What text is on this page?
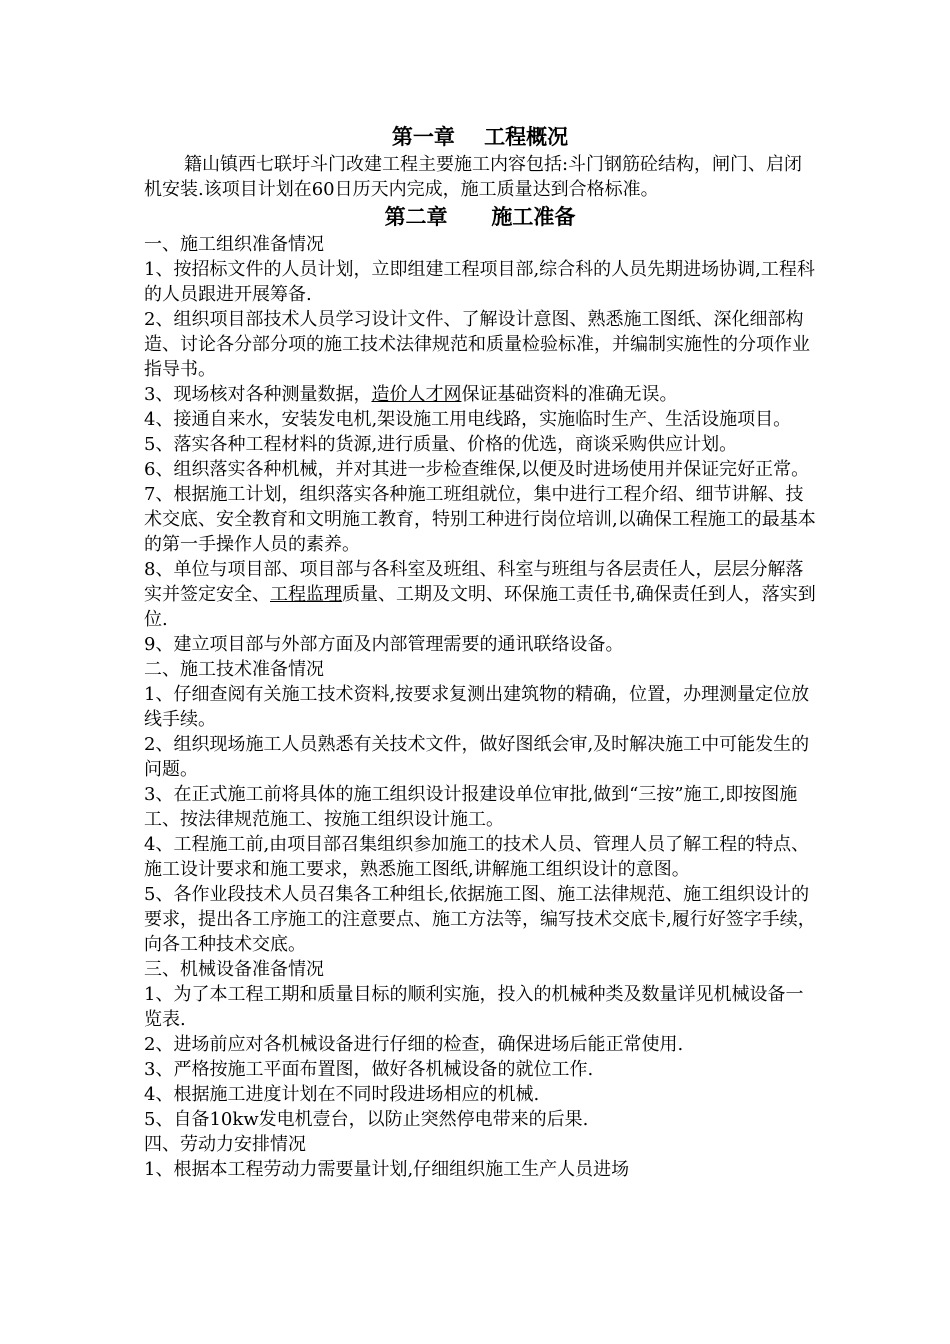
第一章    工程概况

籍山镇西七联圩斗门改建工程主要施工内容包括:斗门钢筋砼结构，闸门、启闭机安装.该项目计划在60日历天内完成，施工质量达到合格标准。

第二章      施工准备

一、施工组织准备情况

1、按招标文件的人员计划，立即组建工程项目部,综合科的人员先期进场协调,工程科的人员跟进开展筹备.

2、组织项目部技术人员学习设计文件、了解设计意图、熟悉施工图纸、深化细部构造、讨论各分部分项的施工技术法律规范和质量检验标准，并编制实施性的分项作业指导书。

3、现场核对各种测量数据，造价人才网保证基础资料的准确无误。

4、接通自来水，安装发电机,架设施工用电线路，实施临时生产、生活设施项目。

5、落实各种工程材料的货源,进行质量、价格的优选，商谈采购供应计划。

6、组织落实各种机械，并对其进一步检查维保,以便及时进场使用并保证完好正常。

7、根据施工计划，组织落实各种施工班组就位，集中进行工程介绍、细节讲解、技术交底、安全教育和文明施工教育，特别工种进行岗位培训,以确保工程施工的最基本的第一手操作人员的素养。

8、单位与项目部、项目部与各科室及班组、科室与班组与各层责任人，层层分解落实并签定安全、工程监理质量、工期及文明、环保施工责任书,确保责任到人，落实到位.

9、建立项目部与外部方面及内部管理需要的通讯联络设备。

二、施工技术准备情况

1、仔细查阅有关施工技术资料,按要求复测出建筑物的精确，位置，办理测量定位放线手续。

2、组织现场施工人员熟悉有关技术文件，做好图纸会审,及时解决施工中可能发生的问题。

3、在正式施工前将具体的施工组织设计报建设单位审批,做到“三按”施工,即按图施工、按法律规范施工、按施工组织设计施工。

4、工程施工前,由项目部召集组织参加施工的技术人员、管理人员了解工程的特点、施工设计要求和施工要求，熟悉施工图纸,讲解施工组织设计的意图。

5、各作业段技术人员召集各工种组长,依据施工图、施工法律规范、施工组织设计的要求，提出各工序施工的注意要点、施工方法等，编写技术交底卡,履行好签字手续，向各工种技术交底。

三、机械设备准备情况

1、为了本工程工期和质量目标的顺利实施，投入的机械种类及数量详见机械设备一览表.

2、进场前应对各机械设备进行仔细的检查，确保进场后能正常使用.

3、严格按施工平面布置图，做好各机械设备的就位工作.

4、根据施工进度计划在不同时段进场相应的机械.

5、自备10kw发电机壹台，以防止突然停电带来的后果.

四、劳动力安排情况

1、根据本工程劳动力需要量计划,仔细组织施工生产人员进场
